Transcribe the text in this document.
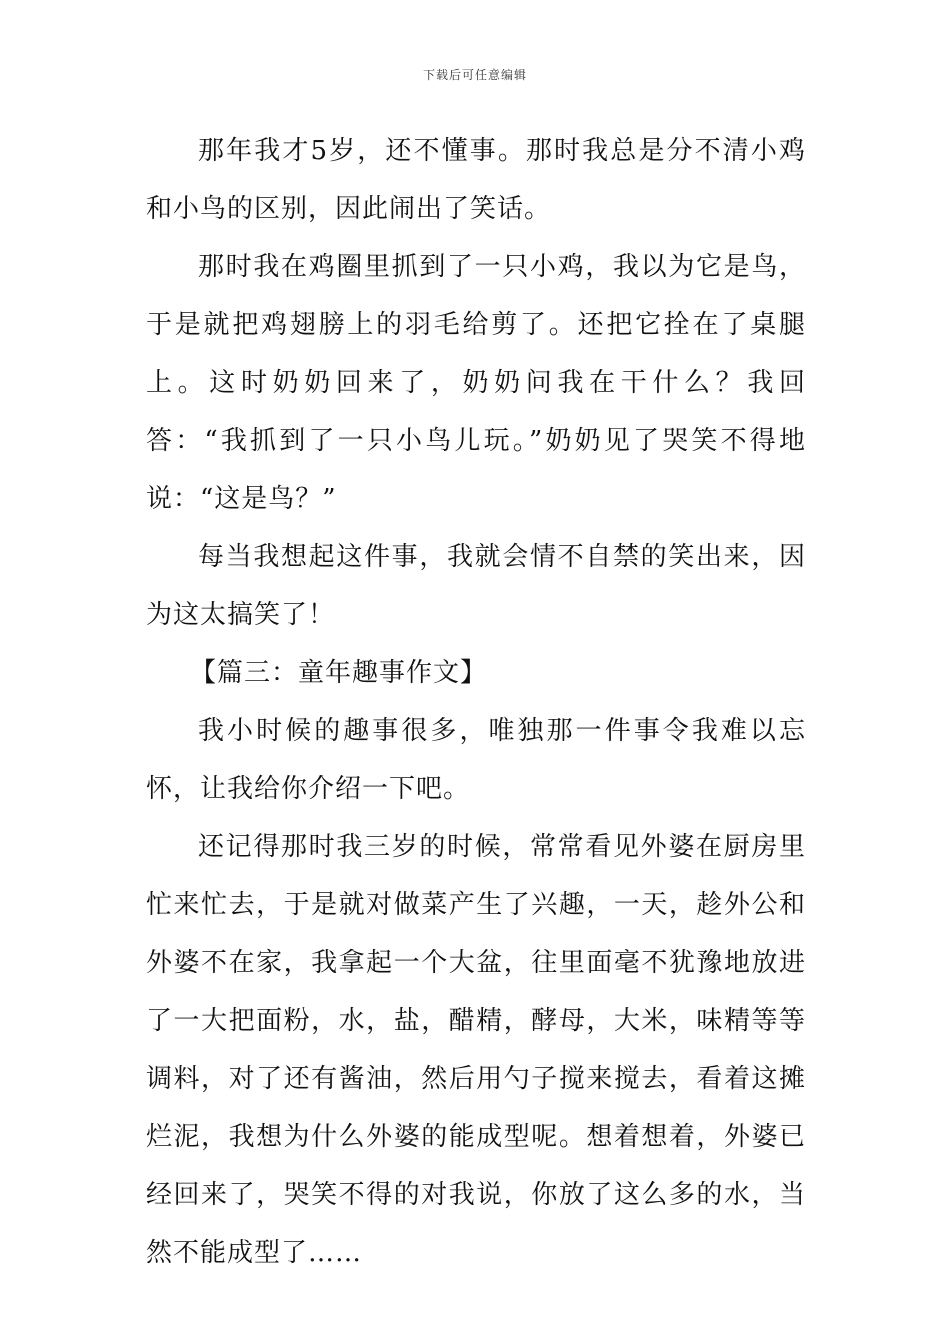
下载后可任意编辑

那年我才5岁，还不懂事。那时我总是分不清小鸡和小鸟的区别，因此闹出了笑话。

那时我在鸡圈里抓到了一只小鸡，我以为它是鸟，于是就把鸡翅膀上的羽毛给剪了。还把它拴在了桌腿上。这时奶奶回来了，奶奶问我在干什么？我回答：“我抓到了一只小鸟儿玩。”奶奶见了哭笑不得地说：“这是鸟？”

每当我想起这件事，我就会情不自禁的笑出来，因为这太搞笑了！

【篇三：童年趣事作文】

我小时候的趣事很多，唯独那一件事令我难以忘怀，让我给你介绍一下吧。

还记得那时我三岁的时候，常常看见外婆在厨房里忙来忙去，于是就对做菜产生了兴趣，一天，趁外公和外婆不在家，我拿起一个大盆，往里面毫不犹豫地放进了一大把面粉，水，盐，醋精，酵母，大米，味精等等调料，对了还有酱油，然后用勺子搅来搅去，看着这摊烂泥，我想为什么外婆的能成型呢。想着想着，外婆已经回来了，哭笑不得的对我说，你放了这么多的水，当然不能成型了……
